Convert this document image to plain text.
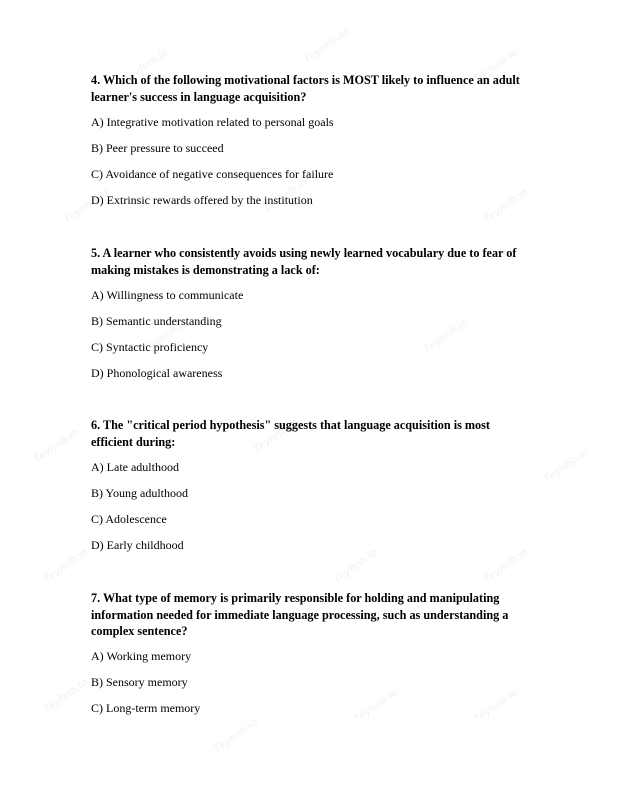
4. Which of the following motivational factors is MOST likely to influence an adult learner's success in language acquisition?

A) Integrative motivation related to personal goals

B) Peer pressure to succeed

C) Avoidance of negative consequences for failure

D) Extrinsic rewards offered by the institution

5. A learner who consistently avoids using newly learned vocabulary due to fear of making mistakes is demonstrating a lack of:

A) Willingness to communicate

B) Semantic understanding

C) Syntactic proficiency

D) Phonological awareness

6. The "critical period hypothesis" suggests that language acquisition is most efficient during:

A) Late adulthood

B) Young adulthood

C) Adolescence

D) Early childhood

7. What type of memory is primarily responsible for holding and manipulating information needed for immediate language processing, such as understanding a complex sentence?

A) Working memory

B) Sensory memory

C) Long-term memory
